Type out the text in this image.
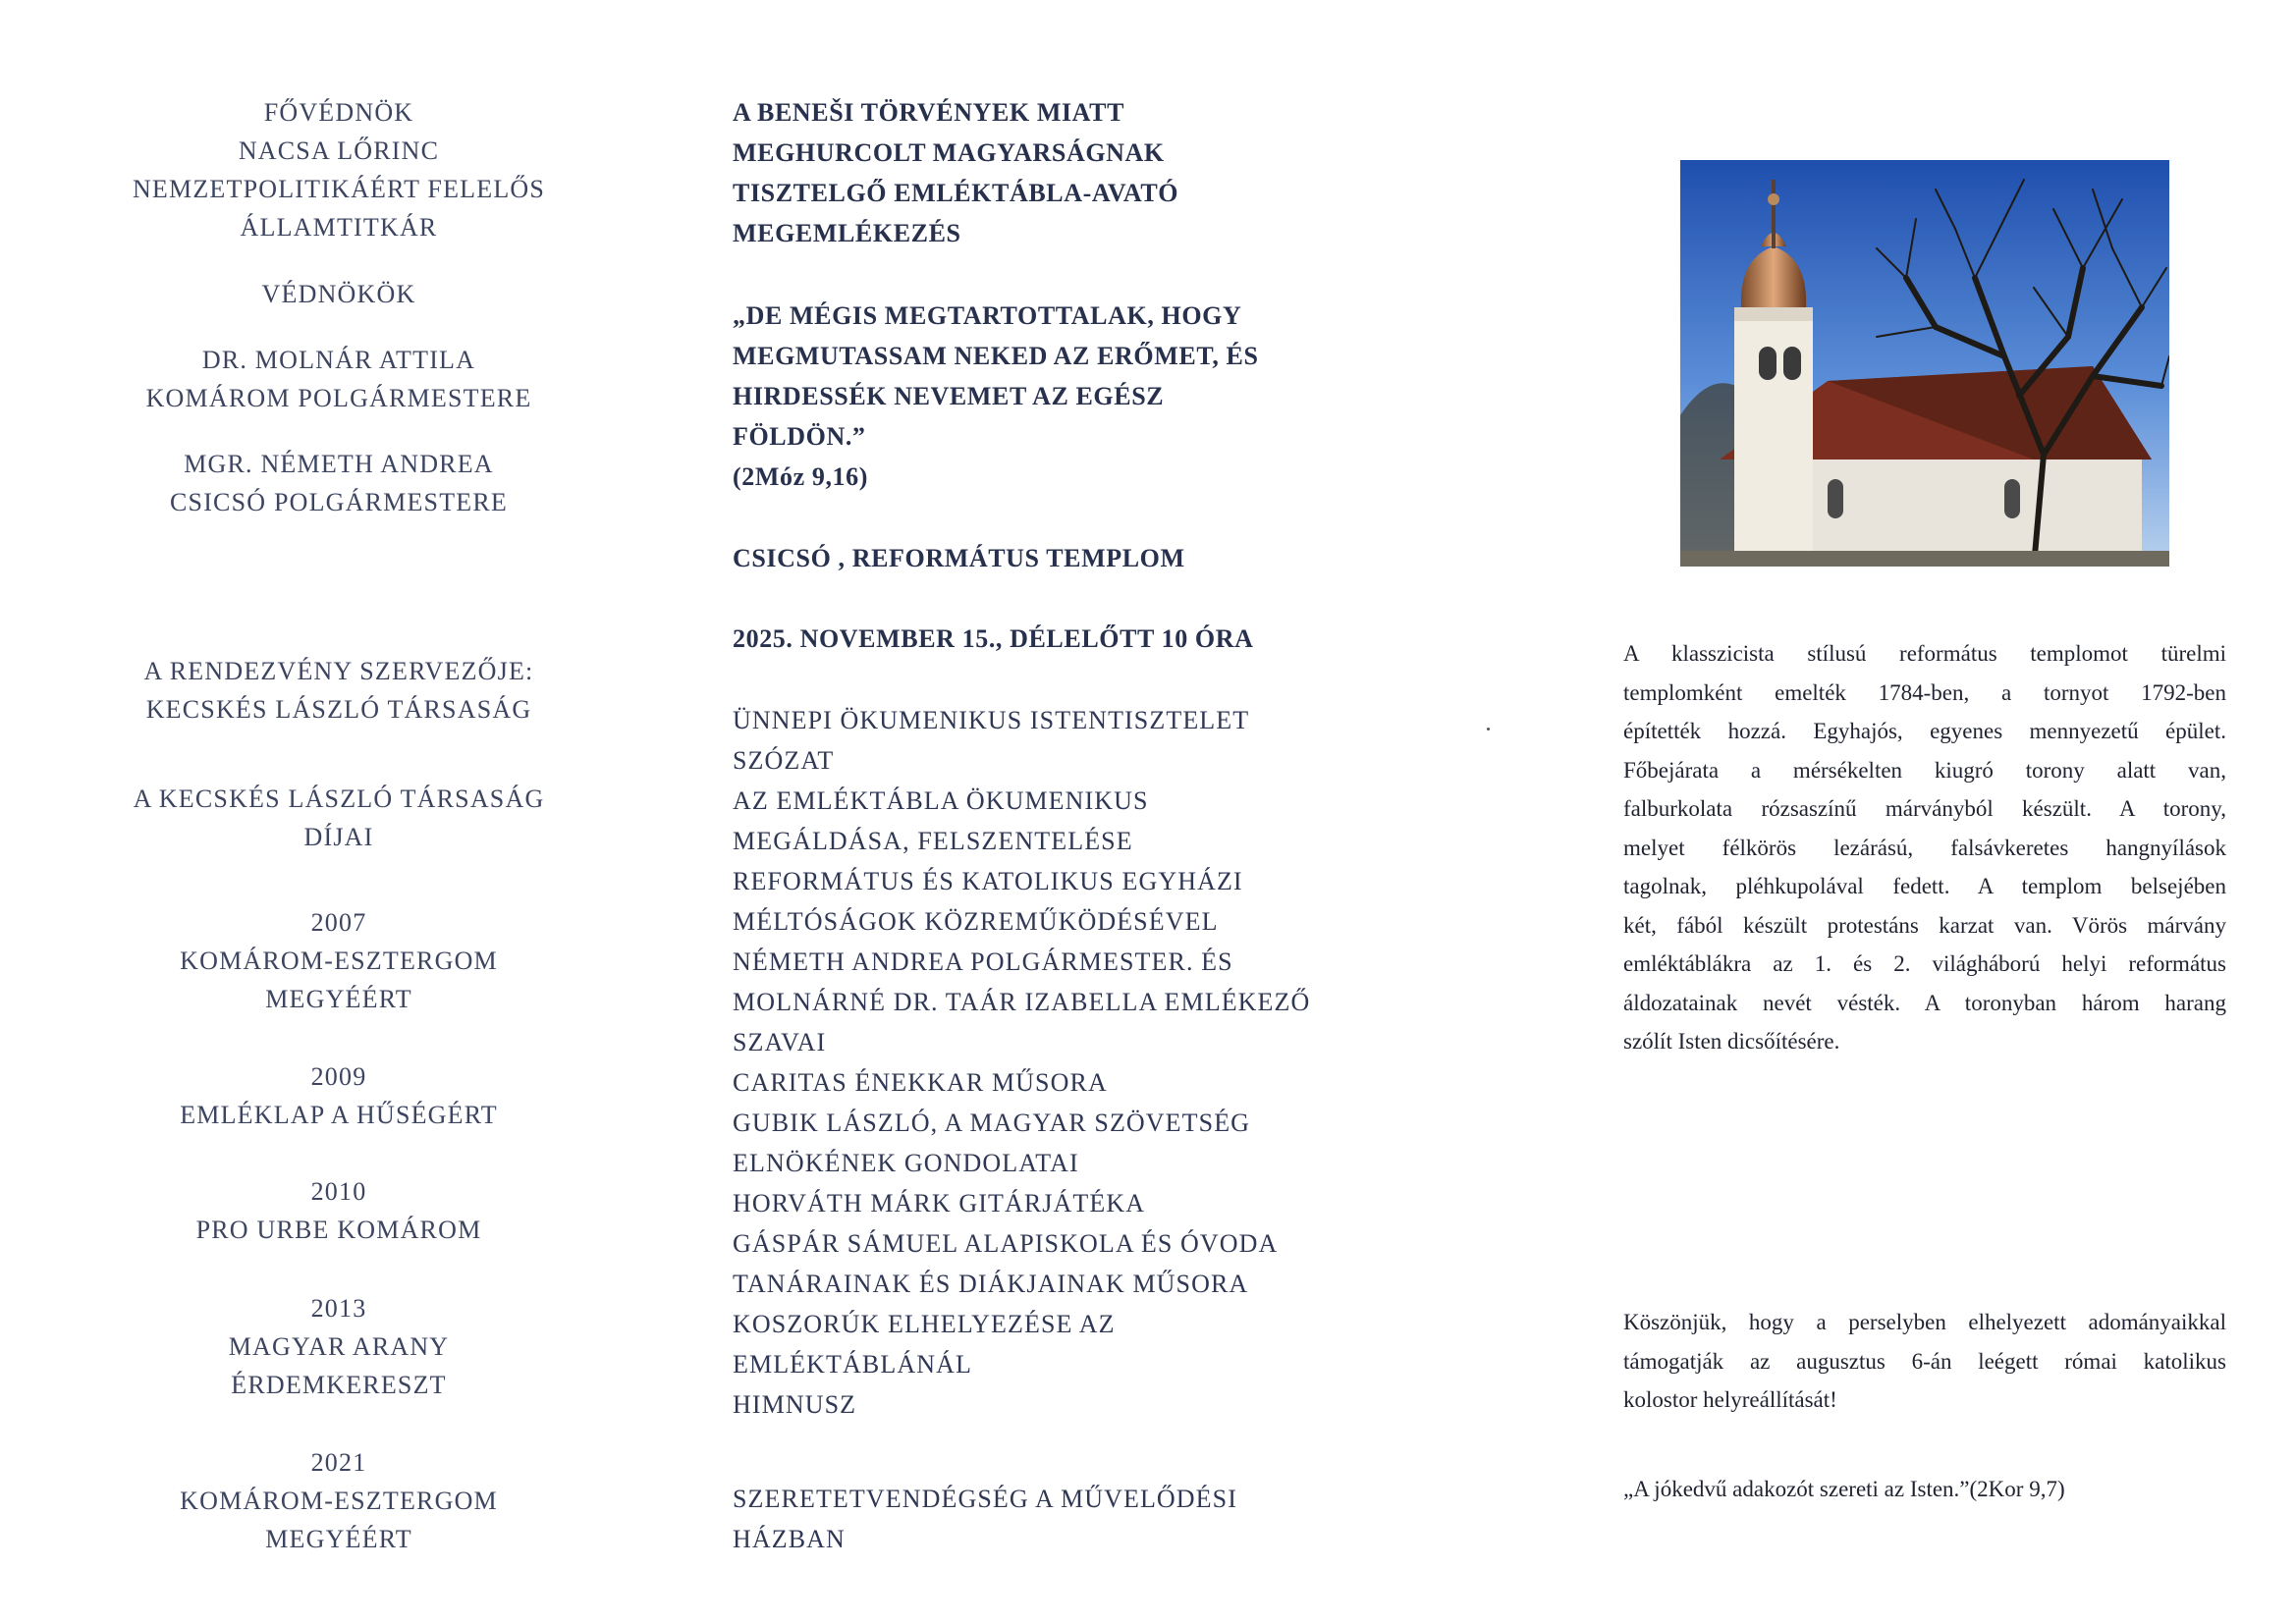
FŐVÉDNÖK
NACSA LŐRINC
NEMZETPOLITIKÁÉRT FELELŐS
ÁLLAMTITKÁR
VÉDNÖKÖK
DR. MOLNÁR ATTILA
KOMÁROM POLGÁRMESTERE
MGR. NÉMETH ANDREA
CSICSÓ POLGÁRMESTERE
A RENDEZVÉNY SZERVEZŐJE:
KECSKÉS LÁSZLÓ TÁRSASÁG
A KECSKÉS LÁSZLÓ TÁRSASÁG
DÍJAI
2007
KOMÁROM-ESZTERGOM
MEGYÉÉRT
2009
EMLÉKLAP A HŰSÉGÉRT
2010
PRO URBE KOMÁROM
2013
MAGYAR ARANY
ÉRDEMKERESZT
2021
KOMÁROM-ESZTERGOM
MEGYÉÉRT
A BENEŠI TÖRVÉNYEK MIATT
MEGHURCOLT MAGYARSÁGNAK
TISZTELGŐ EMLÉKTÁBLA-AVATÓ
MEGEMLÉKEZÉS
„DE MÉGIS MEGTARTOTTALAK, HOGY
MEGMUTASSAM NEKED AZ ERŐMET, ÉS
HIRDESSÉK NEVEMET AZ EGÉSZ
FÖLDÖN.”
(2Móz 9,16)
CSICSÓ , REFORMÁTUS TEMPLOM
2025. NOVEMBER 15., DÉLELŐTT 10 ÓRA
ÜNNEPI ÖKUMENIKUS ISTENTISZTELET
SZÓZAT
AZ EMLÉKTÁBLA ÖKUMENIKUS
MEGÁLDÁSA, FELSZENTELÉSE
REFORMÁTUS ÉS KATOLIKUS EGYHÁZI
MÉLTÓSÁGOK KÖZREMŰKÖDÉSÉVEL
NÉMETH ANDREA POLGÁRMESTER. ÉS
MOLNÁRNÉ DR. TAÁR IZABELLA EMLÉKEZŐ
SZAVAI
CARITAS ÉNEKKAR MŰSORA
GUBIK LÁSZLÓ, A MAGYAR SZÖVETSÉG
ELNÖKÉNEK GONDOLATAI
HORVÁTH MÁRK GITÁRJÁTÉKA
GÁSPÁR SÁMUEL ALAPISKOLA ÉS ÓVODA
TANÁRAINAK ÉS DIÁKJAINAK MŰSORA
KOSZORÚK ELHELYEZÉSE AZ
EMLÉKTÁBLÁNÁL
HIMNUSZ
SZERETETVENDÉGSÉG A MŰVELŐDÉSI
HÁZBAN
A klasszicista stílusú református templomot türelmi
templomként emelték 1784-ben, a tornyot 1792-ben
építették hozzá. Egyhajós, egyenes mennyezetű épület.
Főbejárata a mérsékelten kiugró torony alatt van,
falburkolata rózsaszínű márványból készült. A torony,
melyet félkörös lezárású, falsávkeretes hangnyílások
tagolnak, pléhkupolával fedett. A templom belsejében
két, fából készült protestáns karzat van. Vörös márvány
emléktáblákra az 1. és 2. világháború helyi református
áldozatainak nevét vésték. A toronyban három harang
szólít Isten dicsőítésére.
Köszönjük, hogy a perselyben elhelyezett adományaikkal
támogatják az augusztus 6-án leégett római katolikus
kolostor helyreállítását!
„A jókedvű adakozót szereti az Isten.”(2Kor 9,7)
